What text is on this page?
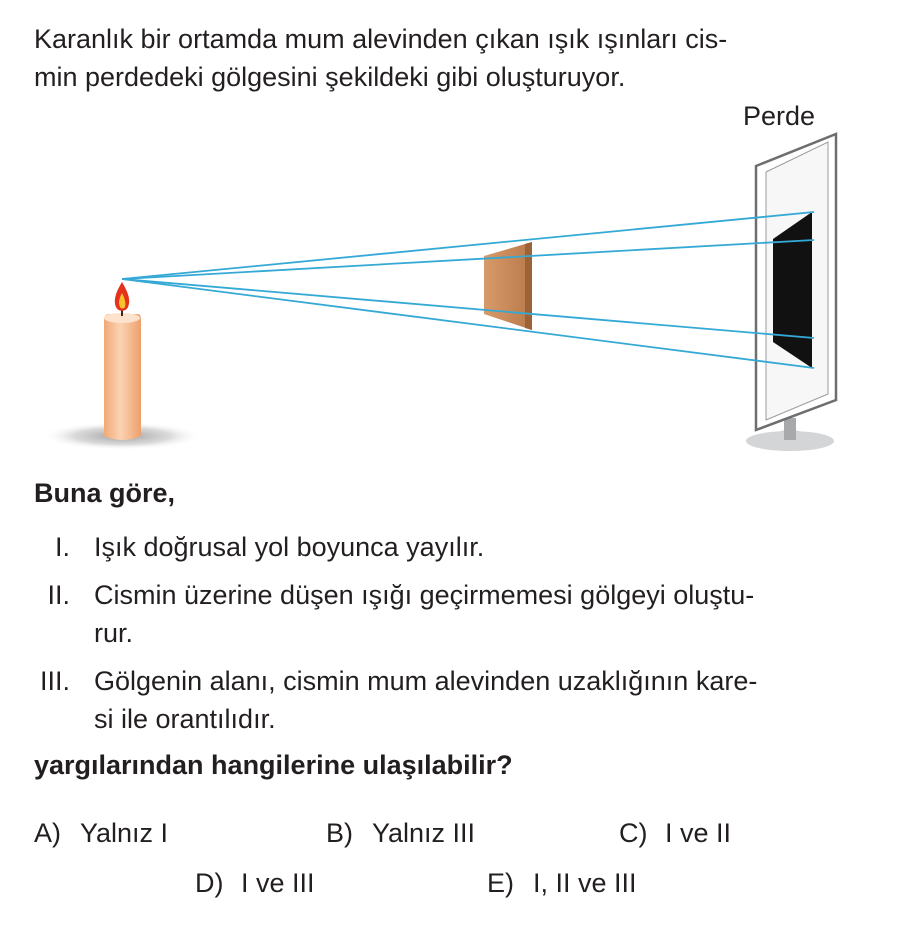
Karanlık bir ortamda mum alevinden çıkan ışık ışınları cis-
min perdedeki gölgesini şekildeki gibi oluşturuyor.
Perde
Buna göre,
I. Işık doğrusal yol boyunca yayılır.
II. Cismin üzerine düşen ışığı geçirmemesi gölgeyi oluştu-
rur.
III. Gölgenin alanı, cismin mum alevinden uzaklığının kare-
si ile orantılıdır.
yargılarından hangilerine ulaşılabilir?
A) Yalnız I	B) Yalnız III	C) I ve II
D) I ve III	E) I, II ve III
